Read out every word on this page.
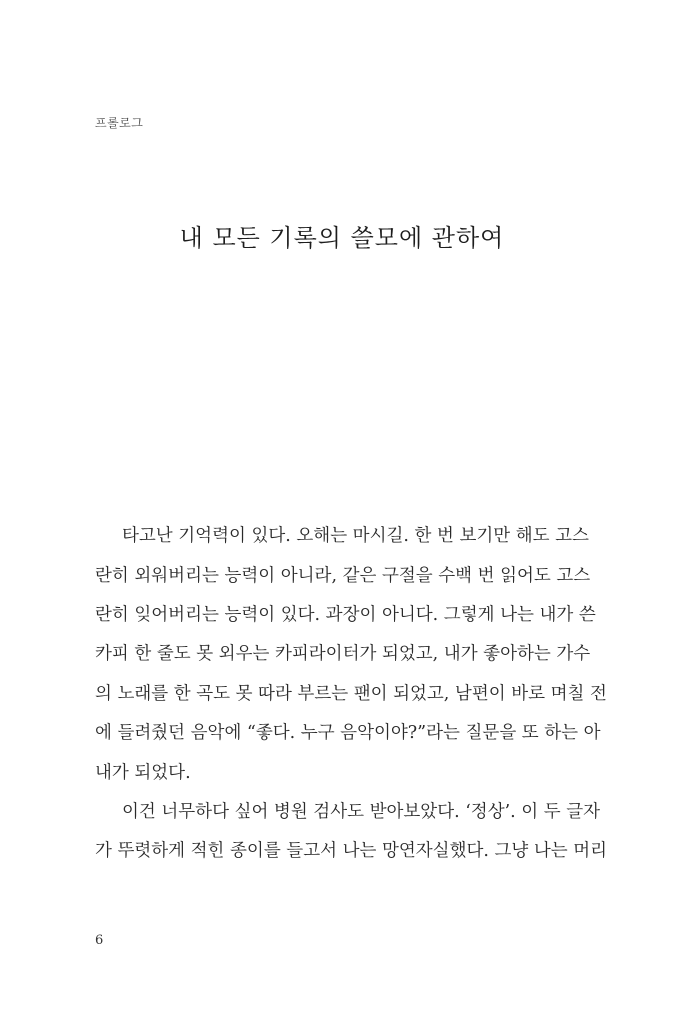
프롤로그
내 모든 기록의 쓸모에 관하여
타고난 기억력이 있다. 오해는 마시길. 한 번 보기만 해도 고스
란히 외워버리는 능력이 아니라, 같은 구절을 수백 번 읽어도 고스
란히 잊어버리는 능력이 있다. 과장이 아니다. 그렇게 나는 내가 쓴
카피 한 줄도 못 외우는 카피라이터가 되었고, 내가 좋아하는 가수
의 노래를 한 곡도 못 따라 부르는 팬이 되었고, 남편이 바로 며칠 전
에 들려줬던 음악에 “좋다. 누구 음악이야?”라는 질문을 또 하는 아
내가 되었다.
이건 너무하다 싶어 병원 검사도 받아보았다. ‘정상’. 이 두 글자
가 뚜렷하게 적힌 종이를 들고서 나는 망연자실했다. 그냥 나는 머리
6
